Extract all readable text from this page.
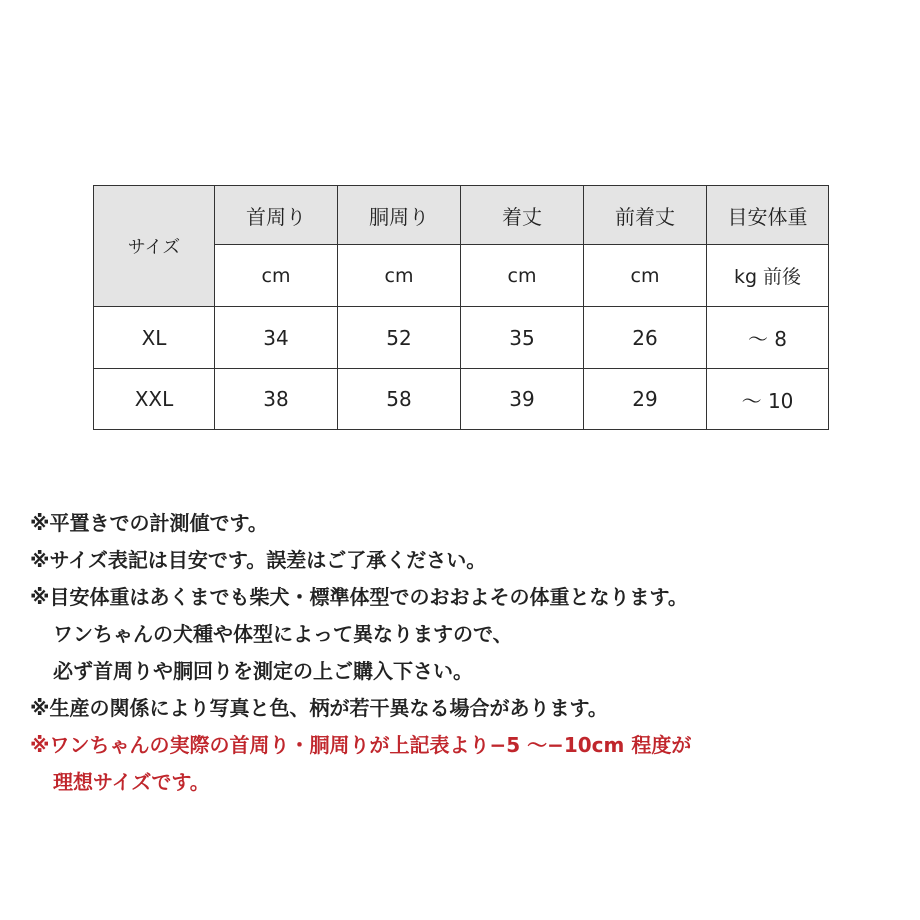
サイズ	首周り	胴周り	着丈	前着丈	目安体重
	cm	cm	cm	cm	kg 前後
XL	34	52	35	26	〜 8
XXL	38	58	39	29	〜 10
※平置きでの計測値です。
※サイズ表記は目安です。誤差はご了承ください。
※目安体重はあくまでも柴犬・標準体型でのおおよその体重となります。
ワンちゃんの犬種や体型によって異なりますので、
必ず首周りや胴回りを測定の上ご購入下さい。
※生産の関係により写真と色、柄が若干異なる場合があります。
※ワンちゃんの実際の首周り・胴周りが上記表より−5 〜−10cm 程度が
理想サイズです。
